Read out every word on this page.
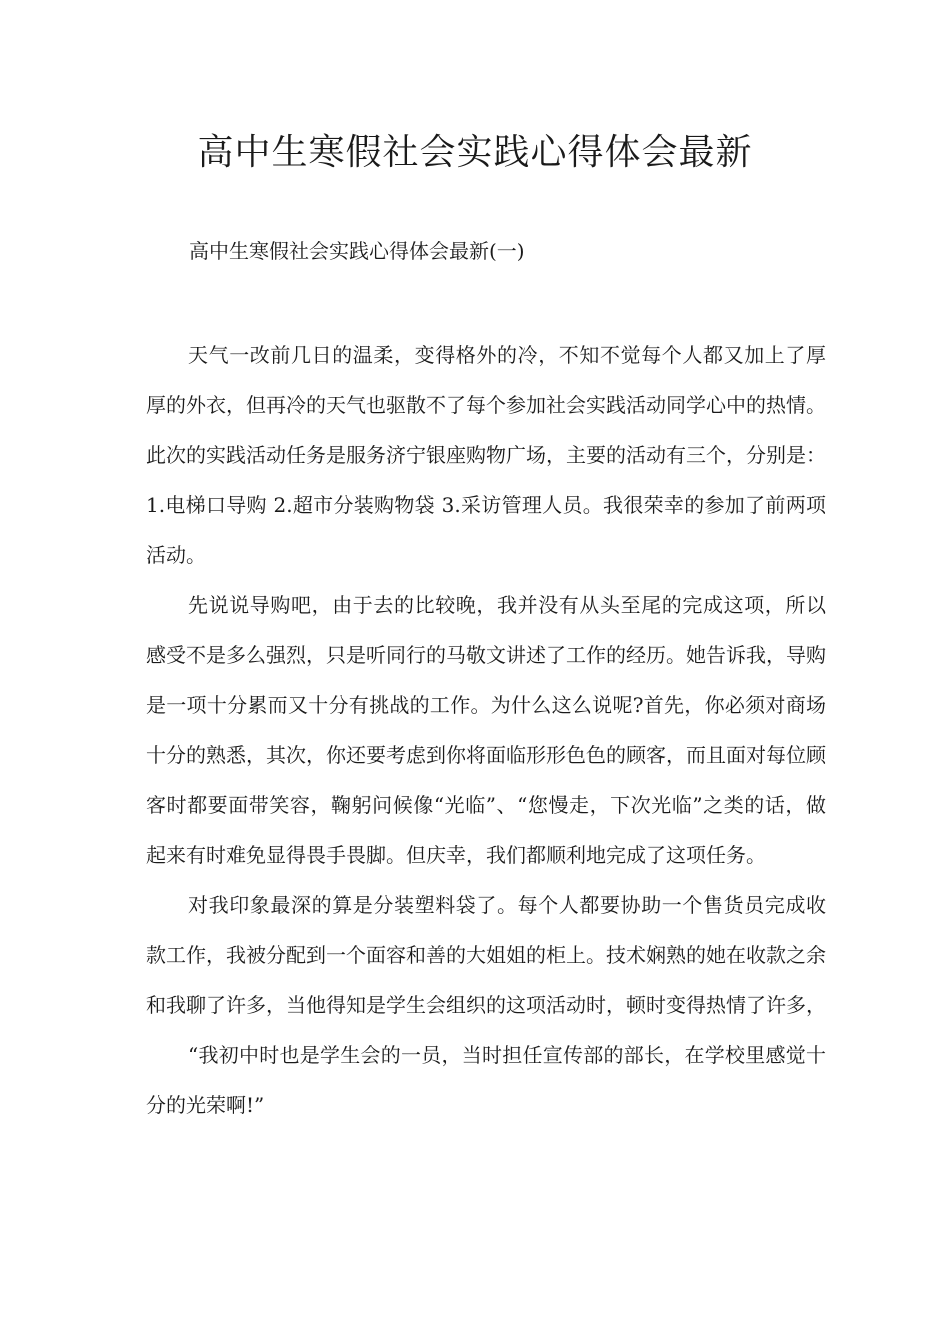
高中生寒假社会实践心得体会最新

高中生寒假社会实践心得体会最新(一)

天气一改前几日的温柔，变得格外的冷，不知不觉每个人都又加上了厚厚的外衣，但再冷的天气也驱散不了每个参加社会实践活动同学心中的热情。此次的实践活动任务是服务济宁银座购物广场，主要的活动有三个，分别是：1.电梯口导购 2.超市分装购物袋 3.采访管理人员。我很荣幸的参加了前两项活动。

先说说导购吧，由于去的比较晚，我并没有从头至尾的完成这项，所以感受不是多么强烈，只是听同行的马敬文讲述了工作的经历。她告诉我，导购是一项十分累而又十分有挑战的工作。为什么这么说呢?首先，你必须对商场十分的熟悉，其次，你还要考虑到你将面临形形色色的顾客，而且面对每位顾客时都要面带笑容，鞠躬问候像“光临”、“您慢走，下次光临”之类的话，做起来有时难免显得畏手畏脚。但庆幸，我们都顺利地完成了这项任务。

对我印象最深的算是分装塑料袋了。每个人都要协助一个售货员完成收款工作，我被分配到一个面容和善的大姐姐的柜上。技术娴熟的她在收款之余和我聊了许多，当他得知是学生会组织的这项活动时，顿时变得热情了许多，

“我初中时也是学生会的一员，当时担任宣传部的部长，在学校里感觉十分的光荣啊!”
